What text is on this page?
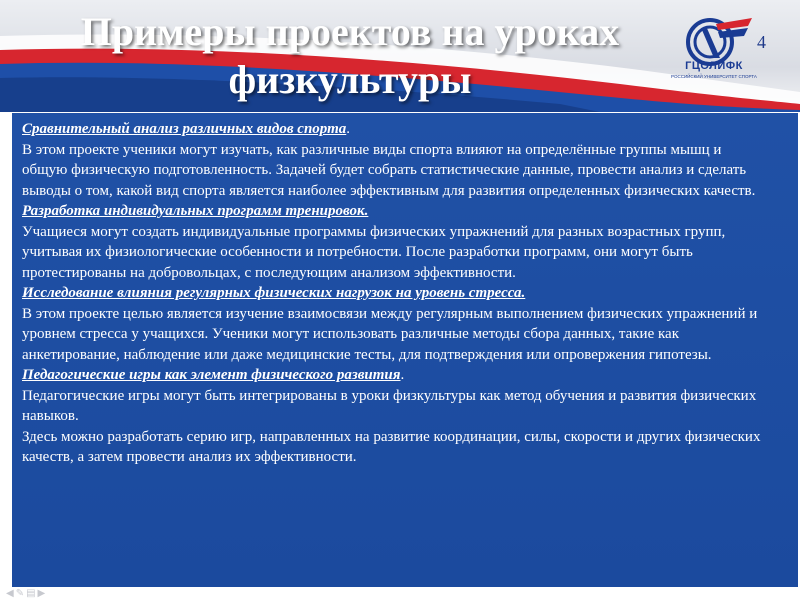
Примеры проектов на уроках физкультуры	ГЦОЛИФК
РОССИЙСКИЙ УНИВЕРСИТЕТ СПОРТА
4

Сравнительный анализ различных видов спорта.

В этом проекте ученики могут изучать, как различные виды спорта влияют на определённые группы мышц и общую физическую подготовленность. Задачей будет собрать статистические данные, провести анализ и сделать выводы о том, какой вид спорта является наиболее эффективным для развития определенных физических качеств.

Разработка индивидуальных программ тренировок.

Учащиеся могут создать индивидуальные программы физических упражнений для разных возрастных групп, учитывая их физиологические особенности и потребности. После разработки программ, они могут быть протестированы на добровольцах, с последующим анализом эффективности.

Исследование влияния регулярных физических нагрузок на уровень стресса.

В этом проекте целью является изучение взаимосвязи между регулярным выполнением физических упражнений и уровнем стресса у учащихся. Ученики могут использовать различные методы сбора данных, такие как анкетирование, наблюдение или даже медицинские тесты, для подтверждения или опровержения гипотезы.

Педагогические игры как элемент физического развития.

Педагогические игры могут быть интегрированы в уроки физкультуры как метод обучения и развития физических навыков.

Здесь можно разработать серию игр, направленных на развитие координации, силы, скорости и других физических качеств, а затем провести анализ их эффективности.

◀✎▤▶
